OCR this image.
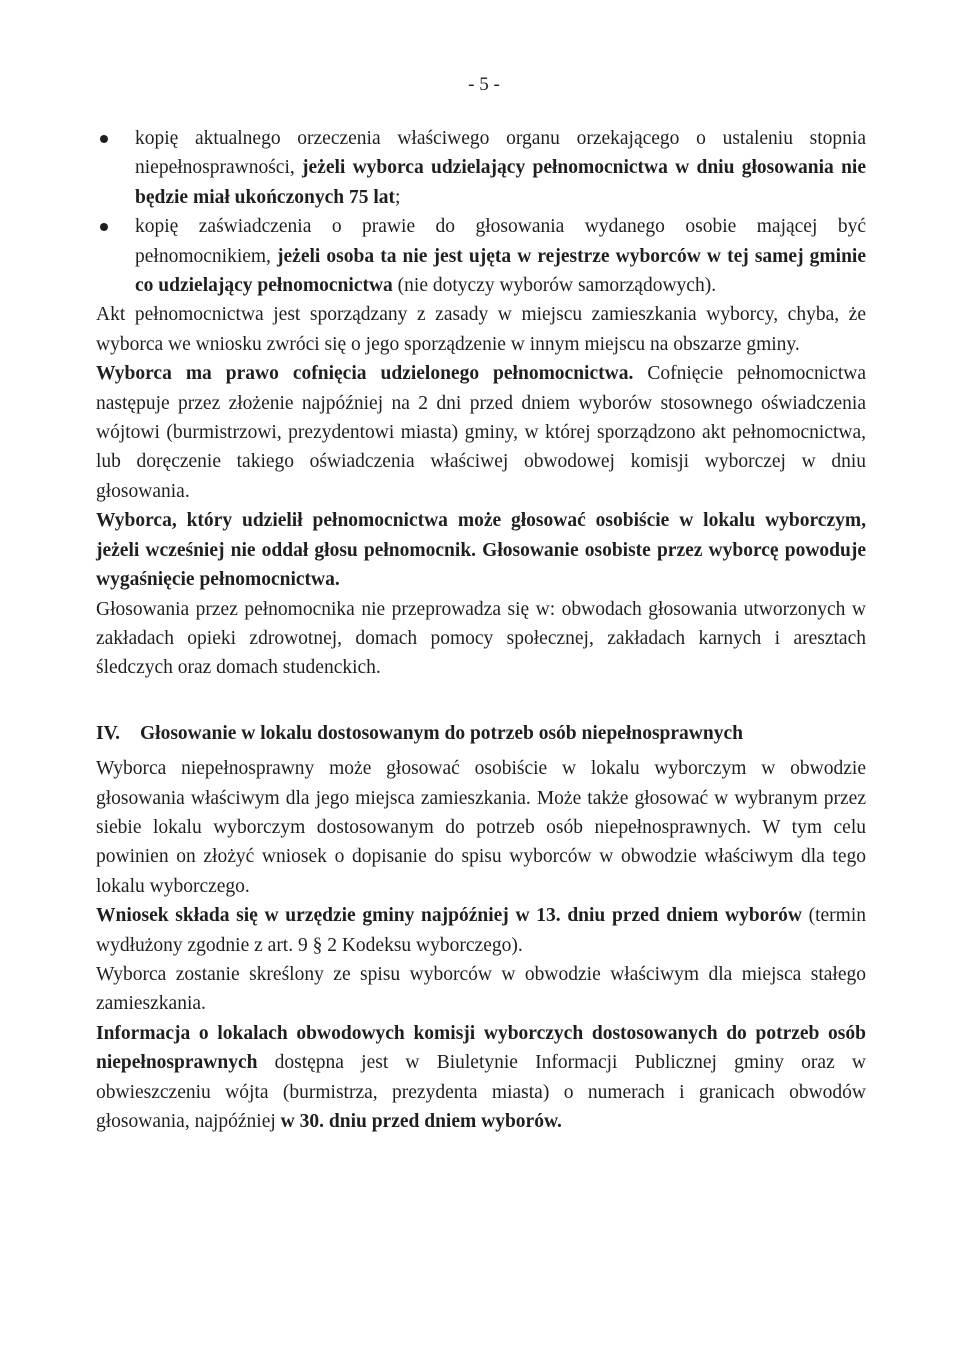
- 5 -
kopię aktualnego orzeczenia właściwego organu orzekającego o ustaleniu stopnia niepełnosprawności, jeżeli wyborca udzielający pełnomocnictwa w dniu głosowania nie będzie miał ukończonych 75 lat;
kopię zaświadczenia o prawie do głosowania wydanego osobie mającej być pełnomocnikiem, jeżeli osoba ta nie jest ujęta w rejestrze wyborców w tej samej gminie co udzielający pełnomocnictwa (nie dotyczy wyborów samorządowych).

Akt pełnomocnictwa jest sporządzany z zasady w miejscu zamieszkania wyborcy, chyba, że wyborca we wniosku zwróci się o jego sporządzenie w innym miejscu na obszarze gminy.

Wyborca ma prawo cofnięcia udzielonego pełnomocnictwa. Cofnięcie pełnomocnictwa następuje przez złożenie najpóźniej na 2 dni przed dniem wyborów stosownego oświadczenia wójtowi (burmistrzowi, prezydentowi miasta) gminy, w której sporządzono akt pełnomocnictwa, lub doręczenie takiego oświadczenia właściwej obwodowej komisji wyborczej w dniu głosowania.

Wyborca, który udzielił pełnomocnictwa może głosować osobiście w lokalu wyborczym, jeżeli wcześniej nie oddał głosu pełnomocnik. Głosowanie osobiste przez wyborcę powoduje wygaśnięcie pełnomocnictwa.

Głosowania przez pełnomocnika nie przeprowadza się w: obwodach głosowania utworzonych w zakładach opieki zdrowotnej, domach pomocy społecznej, zakładach karnych i aresztach śledczych oraz domach studenckich.

IV. Głosowanie w lokalu dostosowanym do potrzeb osób niepełnosprawnych

Wyborca niepełnosprawny może głosować osobiście w lokalu wyborczym w obwodzie głosowania właściwym dla jego miejsca zamieszkania. Może także głosować w wybranym przez siebie lokalu wyborczym dostosowanym do potrzeb osób niepełnosprawnych. W tym celu powinien on złożyć wniosek o dopisanie do spisu wyborców w obwodzie właściwym dla tego lokalu wyborczego.

Wniosek składa się w urzędzie gminy najpóźniej w 13. dniu przed dniem wyborów (termin wydłużony zgodnie z art. 9 § 2 Kodeksu wyborczego).

Wyborca zostanie skreślony ze spisu wyborców w obwodzie właściwym dla miejsca stałego zamieszkania.

Informacja o lokalach obwodowych komisji wyborczych dostosowanych do potrzeb osób niepełnosprawnych dostępna jest w Biuletynie Informacji Publicznej gminy oraz w obwieszczeniu wójta (burmistrza, prezydenta miasta) o numerach i granicach obwodów głosowania, najpóźniej w 30. dniu przed dniem wyborów.
